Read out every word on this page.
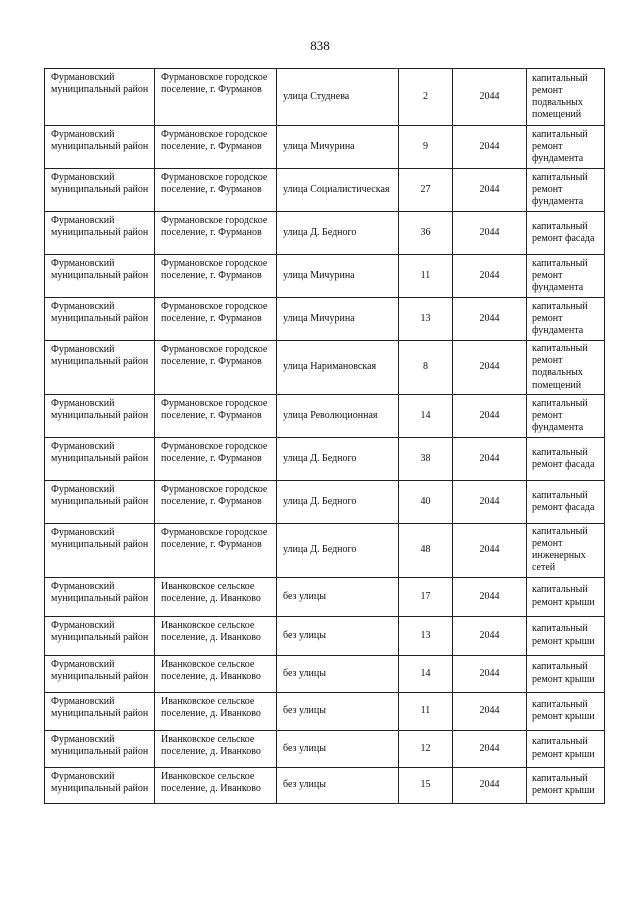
838
Фурмановский муниципальный район	Фурмановское городское поселение, г. Фурманов	улица Студнева	2	2044	капитальный ремонт подвальных помещений
Фурмановский муниципальный район	Фурмановское городское поселение, г. Фурманов	улица Мичурина	9	2044	капитальный ремонт фундамента
Фурмановский муниципальный район	Фурмановское городское поселение, г. Фурманов	улица Социалистическая	27	2044	капитальный ремонт фундамента
Фурмановский муниципальный район	Фурмановское городское поселение, г. Фурманов	улица Д. Бедного	36	2044	капитальный ремонт фасада
Фурмановский муниципальный район	Фурмановское городское поселение, г. Фурманов	улица Мичурина	11	2044	капитальный ремонт фундамента
Фурмановский муниципальный район	Фурмановское городское поселение, г. Фурманов	улица Мичурина	13	2044	капитальный ремонт фундамента
Фурмановский муниципальный район	Фурмановское городское поселение, г. Фурманов	улица Наримановская	8	2044	капитальный ремонт подвальных помещений
Фурмановский муниципальный район	Фурмановское городское поселение, г. Фурманов	улица Революционная	14	2044	капитальный ремонт фундамента
Фурмановский муниципальный район	Фурмановское городское поселение, г. Фурманов	улица Д. Бедного	38	2044	капитальный ремонт фасада
Фурмановский муниципальный район	Фурмановское городское поселение, г. Фурманов	улица Д. Бедного	40	2044	капитальный ремонт фасада
Фурмановский муниципальный район	Фурмановское городское поселение, г. Фурманов	улица Д. Бедного	48	2044	капитальный ремонт инженерных сетей
Фурмановский муниципальный район	Иванковское сельское поселение, д. Иванково	без улицы	17	2044	капитальный ремонт крыши
Фурмановский муниципальный район	Иванковское сельское поселение, д. Иванково	без улицы	13	2044	капитальный ремонт крыши
Фурмановский муниципальный район	Иванковское сельское поселение, д. Иванково	без улицы	14	2044	капитальный ремонт крыши
Фурмановский муниципальный район	Иванковское сельское поселение, д. Иванково	без улицы	11	2044	капитальный ремонт крыши
Фурмановский муниципальный район	Иванковское сельское поселение, д. Иванково	без улицы	12	2044	капитальный ремонт крыши
Фурмановский муниципальный район	Иванковское сельское поселение, д. Иванково	без улицы	15	2044	капитальный ремонт крыши
